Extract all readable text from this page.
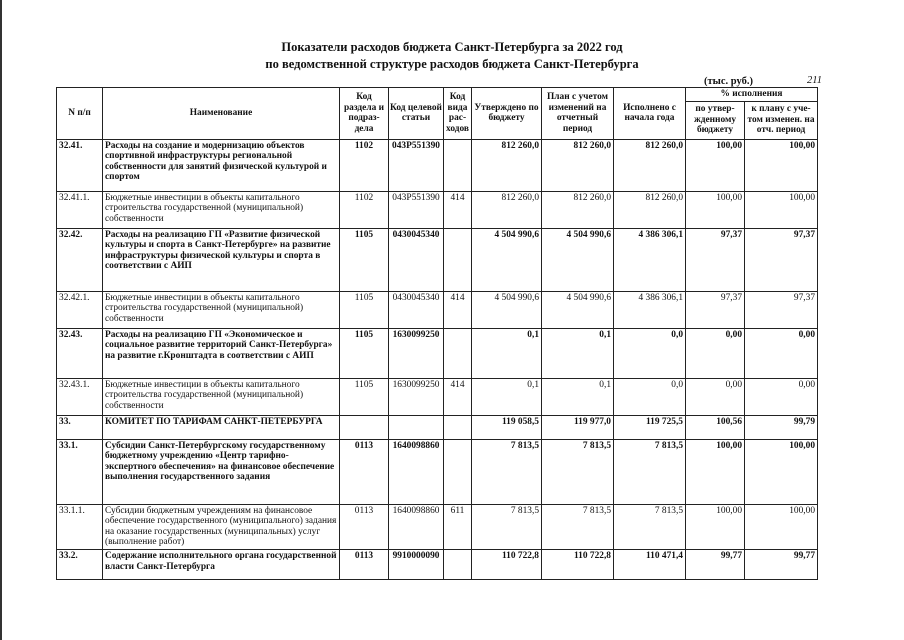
Показатели расходов бюджета Санкт-Петербурга за 2022 год
по ведомственной структуре расходов бюджета Санкт-Петербурга
(тыс. руб.)	211
N п/п	Наименование	Код раздела и подраз-дела	Код целевой статьи	Код вида рас-ходов	Утверждено по бюджету	План с учетом изменений на отчетный период	Исполнено с начала года	% исполнения	
								по утвер-жденному бюджету	к плану с уче-том изменен. на отч. период
32.41.	Расходы на создание и модернизацию объектов спортивной инфраструктуры региональной собственности для занятий физической культурой и спортом	1102	043P551390		812 260,0	812 260,0	812 260,0	100,00	100,00
32.41.1.	Бюджетные инвестиции в объекты капитального строительства государственной (муниципальной) собственности	1102	043P551390	414	812 260,0	812 260,0	812 260,0	100,00	100,00
32.42.	Расходы на реализацию ГП «Развитие физической культуры и спорта в Санкт-Петербурге» на развитие инфраструктуры физической культуры и спорта в соответствии с АИП	1105	0430045340		4 504 990,6	4 504 990,6	4 386 306,1	97,37	97,37
32.42.1.	Бюджетные инвестиции в объекты капитального строительства государственной (муниципальной) собственности	1105	0430045340	414	4 504 990,6	4 504 990,6	4 386 306,1	97,37	97,37
32.43.	Расходы на реализацию ГП «Экономическое и социальное развитие территорий Санкт-Петербурга» на развитие г.Кронштадта в соответствии с АИП	1105	1630099250		0,1	0,1	0,0	0,00	0,00
32.43.1.	Бюджетные инвестиции в объекты капитального строительства государственной (муниципальной) собственности	1105	1630099250	414	0,1	0,1	0,0	0,00	0,00
33.	КОМИТЕТ ПО ТАРИФАМ САНКТ-ПЕТЕРБУРГА				119 058,5	119 977,0	119 725,5	100,56	99,79
33.1.	Субсидии Санкт-Петербургскому государственному бюджетному учреждению «Центр тарифно-экспертного обеспечения» на финансовое обеспечение выполнения государственного задания	0113	1640098860		7 813,5	7 813,5	7 813,5	100,00	100,00
33.1.1.	Субсидии бюджетным учреждениям на финансовое обеспечение государственного (муниципального) задания на оказание государственных (муниципальных) услуг (выполнение работ)	0113	1640098860	611	7 813,5	7 813,5	7 813,5	100,00	100,00
33.2.	Содержание исполнительного органа государственной власти Санкт-Петербурга	0113	9910000090		110 722,8	110 722,8	110 471,4	99,77	99,77
